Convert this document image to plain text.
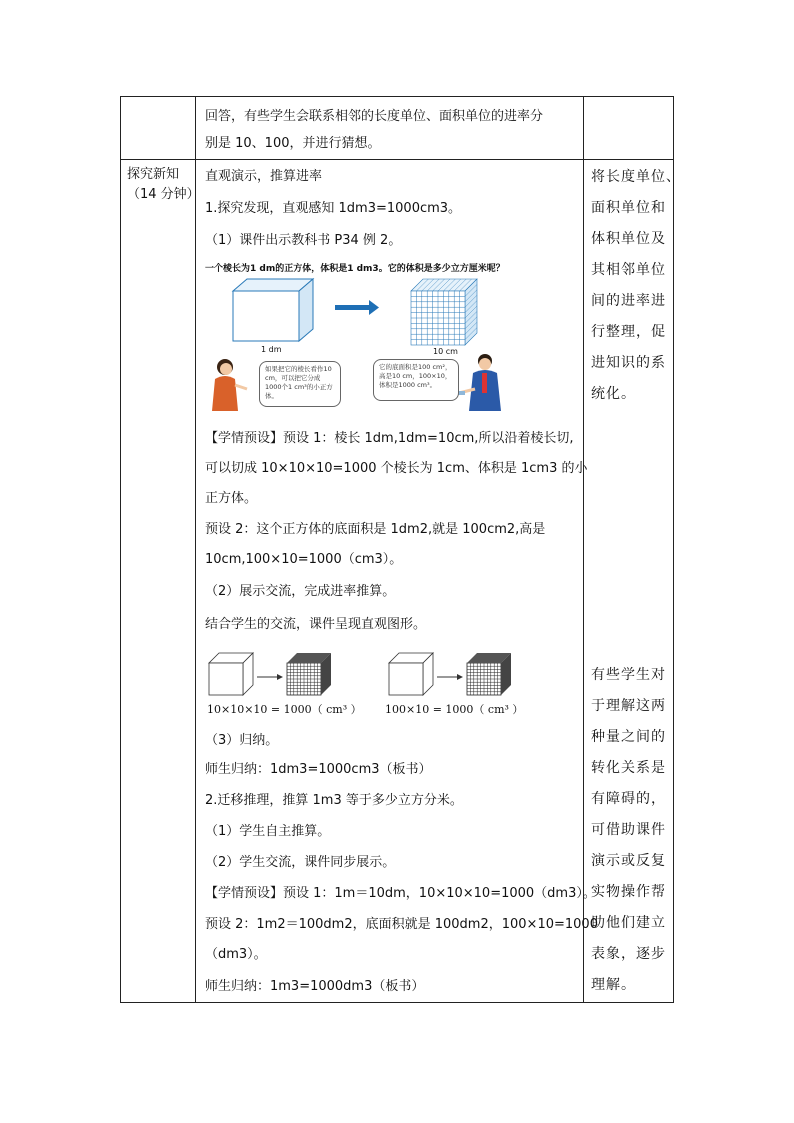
回答，有些学生会联系相邻的长度单位、面积单位的进率分
别是 10、100，并进行猜想。
探究新知
（14 分钟）
直观演示，推算进率
1.探究发现，直观感知 1dm3=1000cm3。
（1）课件出示教科书 P34 例 2。
一个棱长为1 dm的正方体，体积是1 dm3。它的体积是多少立方厘米呢？
1 dm	10 cm
如果把它的棱长看作10 cm，可以把它分成1000个1 cm³的小正方体。
它的底面积是100 cm²，高是10 cm，100×10，体积是1000 cm³。
【学情预设】预设 1：棱长 1dm,1dm=10cm,所以沿着棱长切,
可以切成 10×10×10=1000 个棱长为 1cm、体积是 1cm3 的小
正方体。
预设 2：这个正方体的底面积是 1dm2,就是 100cm2,高是
10cm,100×10=1000（cm3）。
（2）展示交流，完成进率推算。
结合学生的交流，课件呈现直观图形。
10×10×10 = 1000（ cm³ ） 100×10 = 1000（ cm³ ）
（3）归纳。
师生归纳：1dm3=1000cm3（板书）
2.迁移推理，推算 1m3 等于多少立方分米。
（1）学生自主推算。
（2）学生交流，课件同步展示。
【学情预设】预设 1：1m＝10dm，10×10×10=1000（dm3）。
预设 2：1m2＝100dm2，底面积就是 100dm2，100×10=1000
（dm3）。
师生归纳：1m3=1000dm3（板书）
将长度单位、
面积单位和
体积单位及
其相邻单位
间的进率进
行整理，促
进知识的系
统化。
有些学生对
于理解这两
种量之间的
转化关系是
有障碍的，
可借助课件
演示或反复
实物操作帮
助他们建立
表象，逐步
理解。
